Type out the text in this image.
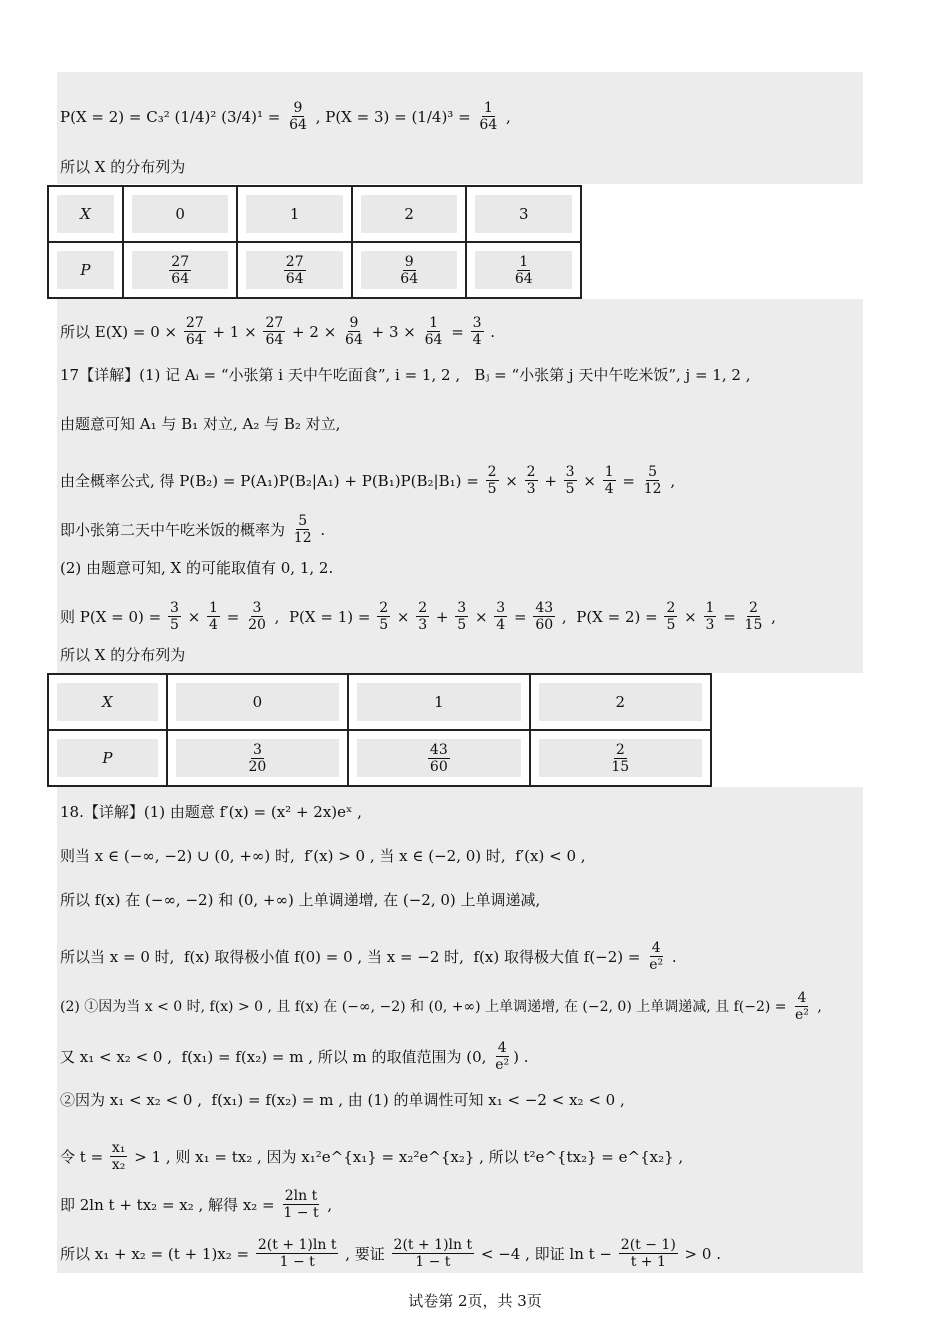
P(X = 2) = C₃² (1/4)² $(3/4)^1 = \frac{9}{64}$ , $P(X = 3) = (1/4)^3 = \frac{1}{64}$ ,
所以 X 的分布列为
X	0	1	2	3

P	$\frac{27}{64}$	$\frac{27}{64}$	$\frac{9}{64}$	$\frac{1}{64}$
所以 $E(X) = 0 \times \frac{27}{64} + 1 \times \frac{27}{64} + 2 \times \frac{9}{64} + 3 \times \frac{1}{64} = \frac{3}{4}$ .
17【详解】(1) 记 Aᵢ = “小张第 i 天中午吃面食”, i = 1, 2 ,   Bⱼ = “小张第 j 天中午吃米饭”, j = 1, 2 ,
由题意可知 A₁ 与 B₁ 对立, A₂ 与 B₂ 对立,
由全概率公式, 得 $P(B_2) = P(A_1)P(B_2|A_1) + P(B_1)P(B_2|B_1) = \frac{2}{5} \times \frac{2}{3} + \frac{3}{5} \times \frac{1}{4} = \frac{5}{12}$ ,
即小张第二天中午吃米饭的概率为 $\frac{5}{12}$ .
(2) 由题意可知, X 的可能取值有 0, 1, 2.
则 $P(X = 0) = \frac{3}{5} \times \frac{1}{4} = \frac{3}{20}$ ,  $P(X = 1) = \frac{2}{5} \times \frac{2}{3} + \frac{3}{5} \times \frac{3}{4} = \frac{43}{60}$ ,  $P(X = 2) = \frac{2}{5} \times \frac{1}{3} = \frac{2}{15}$ ,
所以 X 的分布列为
X	0	1	2

P	$\frac{3}{20}$	$\frac{43}{60}$	$\frac{2}{15}$
18.【详解】(1) 由题意 f′(x) = (x² + 2x)eˣ ,
则当 x ∈ (−∞, −2) ∪ (0, +∞) 时,  f′(x) > 0 , 当 x ∈ (−2, 0) 时,  f′(x) < 0 ,
所以 f(x) 在 (−∞, −2) 和 (0, +∞) 上单调递增, 在 (−2, 0) 上单调递减,
所以当 x = 0 时,  f(x) 取得极小值 f(0) = 0 , 当 x = −2 时,  f(x) 取得极大值 $f(-2) = \frac{4}{\text{e²}}$ .
(2) ①因为当 x < 0 时, f(x) > 0 , 且 f(x) 在 (−∞, −2) 和 (0, +∞) 上单调递增, 在 (−2, 0) 上单调递减, 且 $f(-2) = \frac{4}{\text{e²}}$ ,
又 x₁ < x₂ < 0 ,  f(x₁) = f(x₂) = m , 所以 m 的取值范围为 (0, $\frac{4}{\text{e²}}$ ) .
②因为 x₁ < x₂ < 0 ,  f(x₁) = f(x₂) = m , 由 (1) 的单调性可知 x₁ < −2 < x₂ < 0 ,
令 $t = \frac{\text{x₁}}{\text{x₂}} > 1$ , 则 x₁ = tx₂ , 因为 x₁²e^{x₁} = x₂²e^{x₂} , 所以 t²e^{tx₂} = e^{x₂} ,
即 2ln t + tx₂ = x₂ , 解得 $x_2 = \frac{\text{2ln t}}{1 - t}$ ,
所以 $x_1 + x_2 = (t + 1)x_2 = \frac{\text{2(t + 1)ln t}}{1 - t}$ , 要证 $\frac{\text{2(t + 1)ln t}}{1 - t} < -4$ , 即证 $\ln t - \frac{2(t - 1)}{t + 1} > 0$ .
试卷第 2页，共 3页
